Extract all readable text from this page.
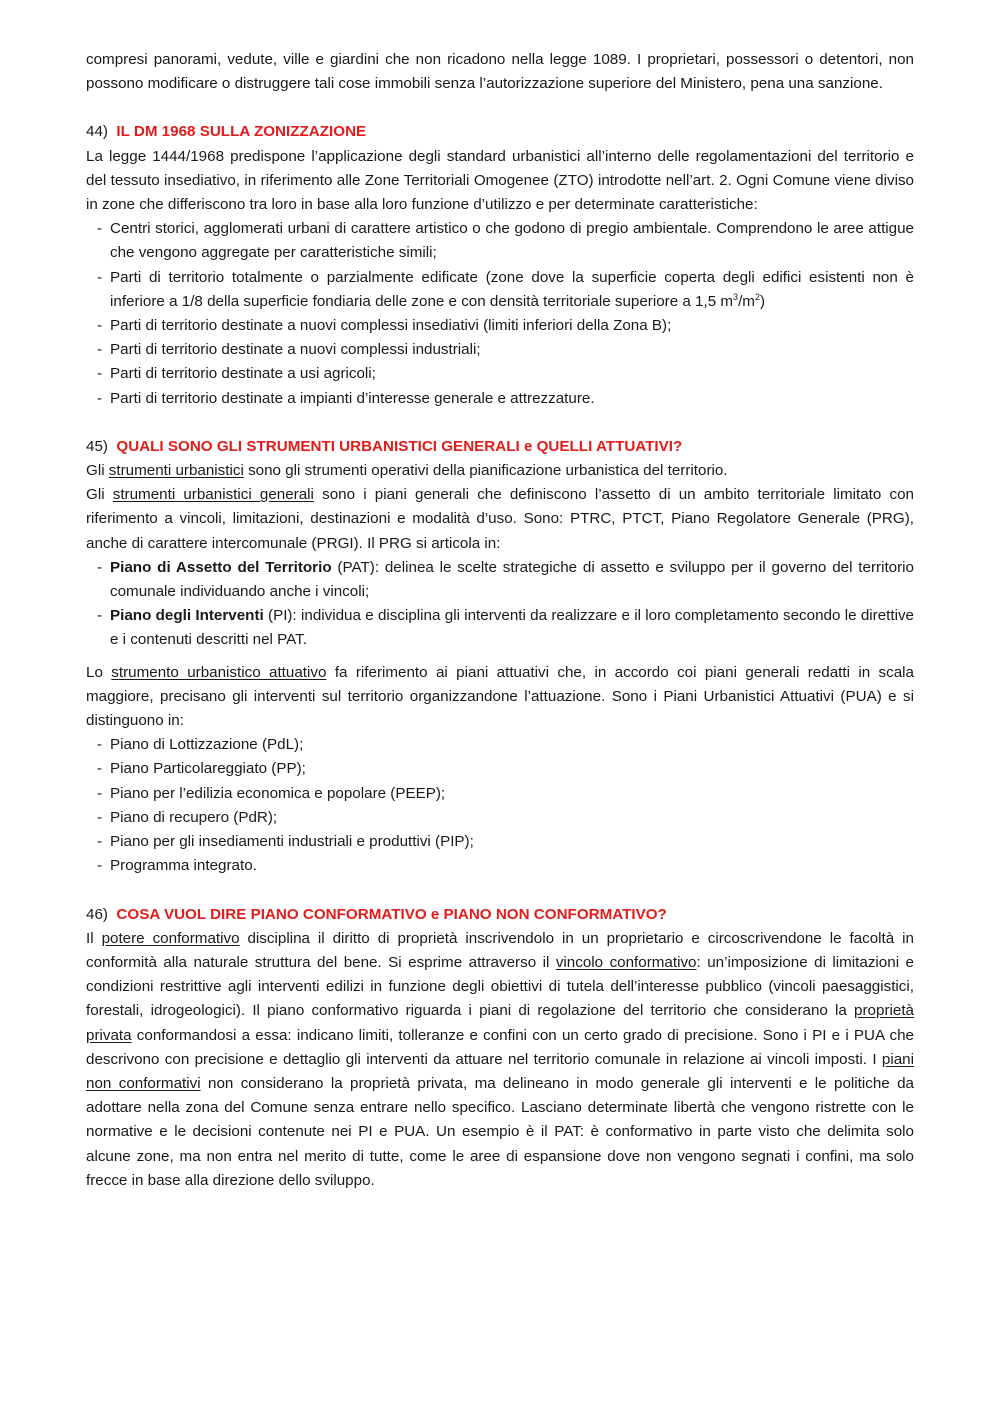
compresi panorami, vedute, ville e giardini che non ricadono nella legge 1089. I proprietari, possessori o detentori, non possono modificare o distruggere tali cose immobili senza l’autorizzazione superiore del Ministero, pena una sanzione.

44) IL DM 1968 SULLA ZONIZZAZIONE

La legge 1444/1968 predispone l’applicazione degli standard urbanistici all’interno delle regolamentazioni del territorio e del tessuto insediativo, in riferimento alle Zone Territoriali Omogenee (ZTO) introdotte nell’art. 2. Ogni Comune viene diviso in zone che differiscono tra loro in base alla loro funzione d’utilizzo e per determinate caratteristiche:

- Centri storici, agglomerati urbani di carattere artistico o che godono di pregio ambientale. Comprendono le aree attigue che vengono aggregate per caratteristiche simili;
- Parti di territorio totalmente o parzialmente edificate (zone dove la superficie coperta degli edifici esistenti non è inferiore a 1/8 della superficie fondiaria delle zone e con densità territoriale superiore a 1,5 $m^3/m^2$)
- Parti di territorio destinate a nuovi complessi insediativi (limiti inferiori della Zona B);
- Parti di territorio destinate a nuovi complessi industriali;
- Parti di territorio destinate a usi agricoli;
- Parti di territorio destinate a impianti d’interesse generale e attrezzature.

45) QUALI SONO GLI STRUMENTI URBANISTICI GENERALI e QUELLI ATTUATIVI?

Gli strumenti urbanistici sono gli strumenti operativi della pianificazione urbanistica del territorio.

Gli strumenti urbanistici generali sono i piani generali che definiscono l’assetto di un ambito territoriale limitato con riferimento a vincoli, limitazioni, destinazioni e modalità d’uso. Sono: PTRC, PTCT, Piano Regolatore Generale (PRG), anche di carattere intercomunale (PRGI). Il PRG si articola in:

- Piano di Assetto del Territorio (PAT): delinea le scelte strategiche di assetto e sviluppo per il governo del territorio comunale individuando anche i vincoli;
- Piano degli Interventi (PI): individua e disciplina gli interventi da realizzare e il loro completamento secondo le direttive e i contenuti descritti nel PAT.

Lo strumento urbanistico attuativo fa riferimento ai piani attuativi che, in accordo coi piani generali redatti in scala maggiore, precisano gli interventi sul territorio organizzandone l’attuazione. Sono i Piani Urbanistici Attuativi (PUA) e si distinguono in:

- Piano di Lottizzazione (PdL);
- Piano Particolareggiato (PP);
- Piano per l’edilizia economica e popolare (PEEP);
- Piano di recupero (PdR);
- Piano per gli insediamenti industriali e produttivi (PIP);
- Programma integrato.

46) COSA VUOL DIRE PIANO CONFORMATIVO e PIANO NON CONFORMATIVO?

Il potere conformativo disciplina il diritto di proprietà inscrivendolo in un proprietario e circoscrivendone le facoltà in conformità alla naturale struttura del bene. Si esprime attraverso il vincolo conformativo: un’imposizione di limitazioni e condizioni restrittive agli interventi edilizi in funzione degli obiettivi di tutela dell’interesse pubblico (vincoli paesaggistici, forestali, idrogeologici). Il piano conformativo riguarda i piani di regolazione del territorio che considerano la proprietà privata conformandosi a essa: indicano limiti, tolleranze e confini con un certo grado di precisione. Sono i PI e i PUA che descrivono con precisione e dettaglio gli interventi da attuare nel territorio comunale in relazione ai vincoli imposti. I piani non conformativi non considerano la proprietà privata, ma delineano in modo generale gli interventi e le politiche da adottare nella zona del Comune senza entrare nello specifico. Lasciano determinate libertà che vengono ristrette con le normative e le decisioni contenute nei PI e PUA. Un esempio è il PAT: è conformativo in parte visto che delimita solo alcune zone, ma non entra nel merito di tutte, come le aree di espansione dove non vengono segnati i confini, ma solo frecce in base alla direzione dello sviluppo.
